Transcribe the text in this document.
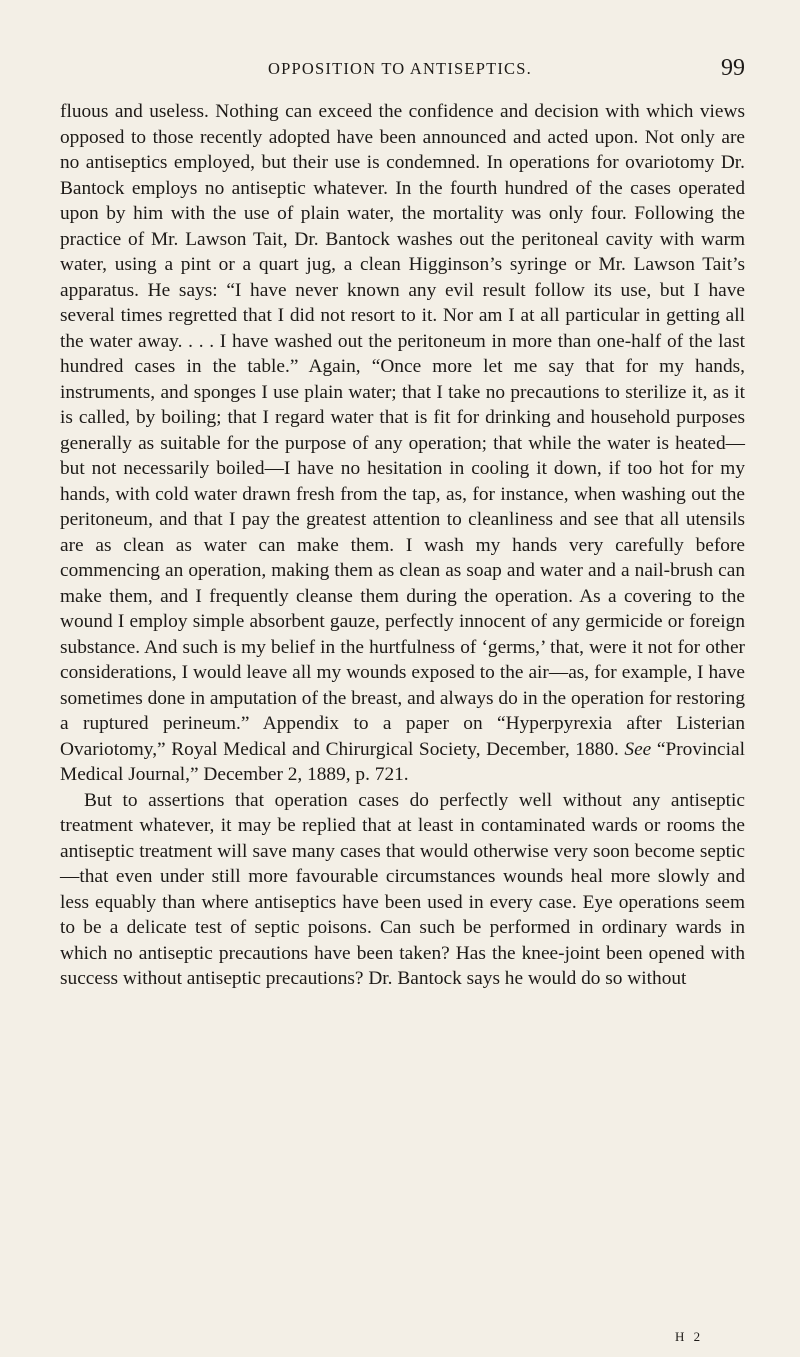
OPPOSITION TO ANTISEPTICS.	99

fluous and useless. Nothing can exceed the confidence and decision with which views opposed to those recently adopted have been announced and acted upon. Not only are no antiseptics employed, but their use is condemned. In operations for ovariotomy Dr. Bantock employs no antiseptic whatever. In the fourth hundred of the cases operated upon by him with the use of plain water, the mortality was only four. Following the practice of Mr. Lawson Tait, Dr. Bantock washes out the peritoneal cavity with warm water, using a pint or a quart jug, a clean Higginson’s syringe or Mr. Lawson Tait’s apparatus. He says: “I have never known any evil result follow its use, but I have several times regretted that I did not resort to it. Nor am I at all particular in getting all the water away. . . . I have washed out the peritoneum in more than one-half of the last hundred cases in the table.” Again, “Once more let me say that for my hands, instruments, and sponges I use plain water; that I take no precautions to sterilize it, as it is called, by boiling; that I regard water that is fit for drinking and household purposes generally as suitable for the purpose of any operation; that while the water is heated—but not necessarily boiled—I have no hesitation in cooling it down, if too hot for my hands, with cold water drawn fresh from the tap, as, for instance, when washing out the peritoneum, and that I pay the greatest attention to cleanliness and see that all utensils are as clean as water can make them. I wash my hands very carefully before commencing an operation, making them as clean as soap and water and a nail-brush can make them, and I frequently cleanse them during the operation. As a covering to the wound I employ simple absorbent gauze, perfectly innocent of any germicide or foreign substance. And such is my belief in the hurtfulness of ‘germs,’ that, were it not for other considerations, I would leave all my wounds exposed to the air—as, for example, I have sometimes done in amputation of the breast, and always do in the operation for restoring a ruptured perineum.” Appendix to a paper on “Hyperpyrexia after Listerian Ovariotomy,” Royal Medical and Chirurgical Society, December, 1880. See “Provincial Medical Journal,” December 2, 1889, p. 721.

But to assertions that operation cases do perfectly well without any antiseptic treatment whatever, it may be replied that at least in contaminated wards or rooms the antiseptic treatment will save many cases that would otherwise very soon become septic—that even under still more favourable circumstances wounds heal more slowly and less equably than where antiseptics have been used in every case. Eye operations seem to be a delicate test of septic poisons. Can such be performed in ordinary wards in which no antiseptic precautions have been taken? Has the knee-joint been opened with success without antiseptic precautions? Dr. Bantock says he would do so without

H 2
